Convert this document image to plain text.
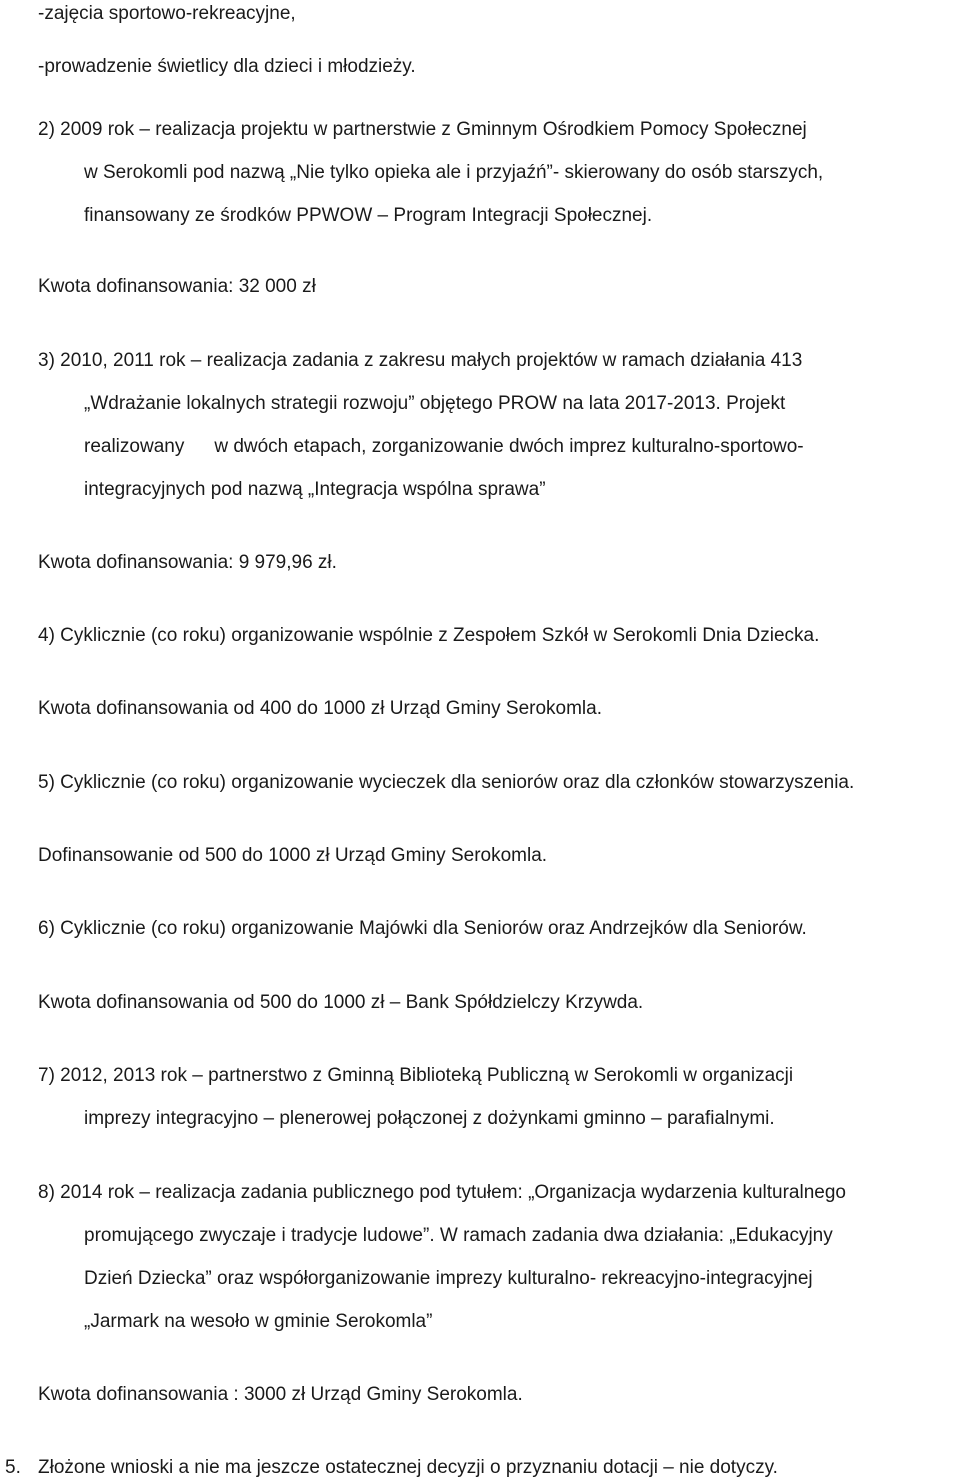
-zajęcia sportowo-rekreacyjne,

-prowadzenie świetlicy dla dzieci i młodzieży.

2) 2009 rok – realizacja projektu w partnerstwie z Gminnym Ośrodkiem Pomocy Społecznej

w Serokomli pod nazwą „Nie tylko opieka ale i przyjaźń”- skierowany do osób starszych,

finansowany ze środków PPWOW – Program Integracji Społecznej.

Kwota dofinansowania: 32 000 zł

3) 2010, 2011 rok – realizacja zadania z zakresu małych projektów w ramach działania 413

„Wdrażanie lokalnych strategii rozwoju” objętego PROW na lata 2017-2013. Projekt

realizowany w dwóch etapach, zorganizowanie dwóch imprez kulturalno-sportowo-

integracyjnych pod nazwą „Integracja wspólna sprawa”

Kwota dofinansowania: 9 979,96 zł.

4) Cyklicznie (co roku) organizowanie wspólnie z Zespołem Szkół w Serokomli Dnia Dziecka.

Kwota dofinansowania od 400 do 1000 zł Urząd Gminy Serokomla.

5) Cyklicznie (co roku) organizowanie wycieczek dla seniorów oraz dla członków stowarzyszenia.

Dofinansowanie od 500 do 1000 zł Urząd Gminy Serokomla.

6) Cyklicznie (co roku) organizowanie Majówki dla Seniorów oraz Andrzejków dla Seniorów.

Kwota dofinansowania od 500 do 1000 zł – Bank Spółdzielczy Krzywda.

7) 2012, 2013 rok – partnerstwo z Gminną Biblioteką Publiczną w Serokomli w organizacji

imprezy integracyjno – plenerowej połączonej z dożynkami gminno – parafialnymi.

8) 2014 rok – realizacja zadania publicznego pod tytułem: „Organizacja wydarzenia kulturalnego

promującego zwyczaje i tradycje ludowe”. W ramach zadania dwa działania: „Edukacyjny

Dzień Dziecka” oraz współorganizowanie imprezy kulturalno- rekreacyjno-integracyjnej

„Jarmark na wesoło w gminie Serokomla”

Kwota dofinansowania : 3000 zł Urząd Gminy Serokomla.

5. Złożone wnioski a nie ma jeszcze ostatecznej decyzji o przyznaniu dotacji – nie dotyczy.
